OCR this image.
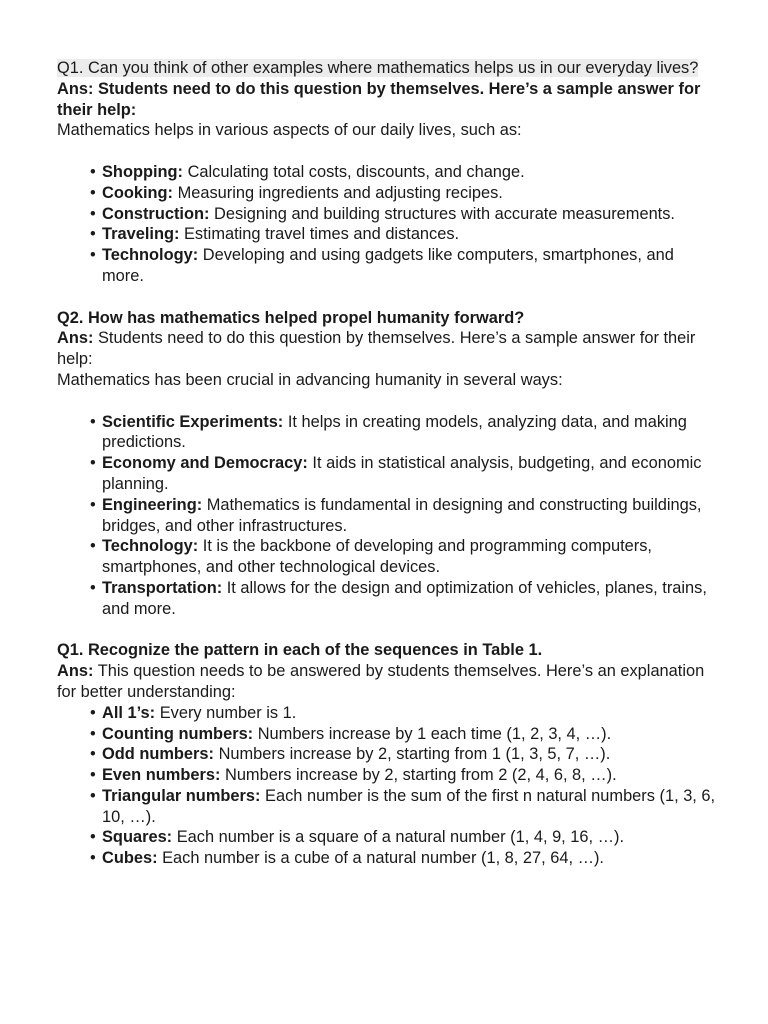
Q1. Can you think of other examples where mathematics helps us in our everyday lives?

Ans: Students need to do this question by themselves. Here’s a sample answer for their help:

Mathematics helps in various aspects of our daily lives, such as:

• Shopping: Calculating total costs, discounts, and change.
• Cooking: Measuring ingredients and adjusting recipes.
• Construction: Designing and building structures with accurate measurements.
• Traveling: Estimating travel times and distances.
• Technology: Developing and using gadgets like computers, smartphones, and more.

Q2. How has mathematics helped propel humanity forward?

Ans: Students need to do this question by themselves. Here’s a sample answer for their help:

Mathematics has been crucial in advancing humanity in several ways:

• Scientific Experiments: It helps in creating models, analyzing data, and making predictions.
• Economy and Democracy: It aids in statistical analysis, budgeting, and economic planning.
• Engineering: Mathematics is fundamental in designing and constructing buildings, bridges, and other infrastructures.
• Technology: It is the backbone of developing and programming computers, smartphones, and other technological devices.
• Transportation: It allows for the design and optimization of vehicles, planes, trains, and more.

Q1. Recognize the pattern in each of the sequences in Table 1.

Ans: This question needs to be answered by students themselves. Here’s an explanation for better understanding:

• All 1’s: Every number is 1.
• Counting numbers: Numbers increase by 1 each time (1, 2, 3, 4, …).
• Odd numbers: Numbers increase by 2, starting from 1 (1, 3, 5, 7, …).
• Even numbers: Numbers increase by 2, starting from 2 (2, 4, 6, 8, …).
• Triangular numbers: Each number is the sum of the first n natural numbers (1, 3, 6, 10, …).
• Squares: Each number is a square of a natural number (1, 4, 9, 16, …).
• Cubes: Each number is a cube of a natural number (1, 8, 27, 64, …).
